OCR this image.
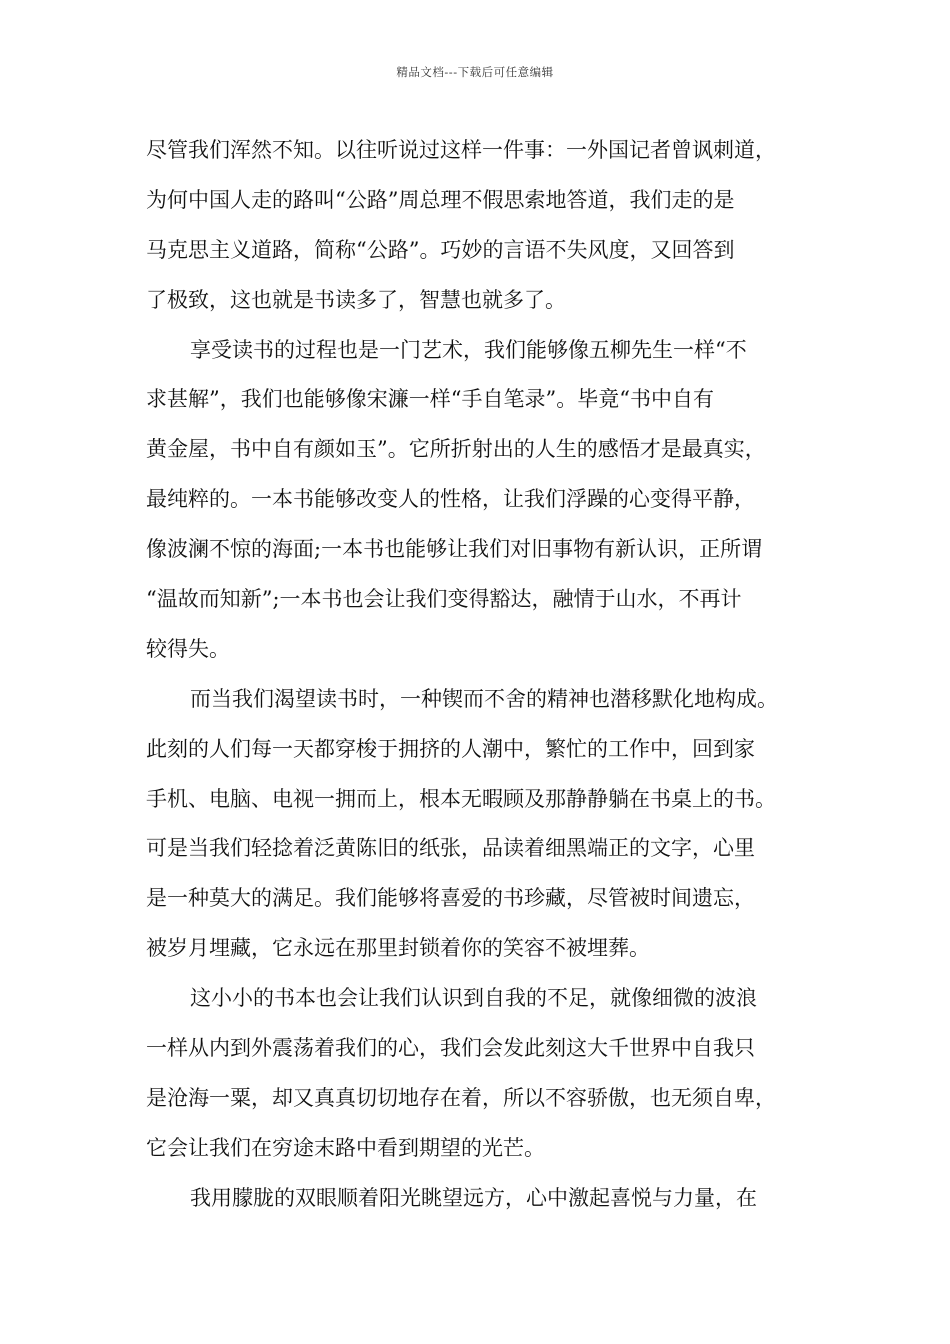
精品文档---下载后可任意编辑
尽管我们浑然不知。以往听说过这样一件事：一外国记者曾讽刺道，
为何中国人走的路叫“公路”周总理不假思索地答道，我们走的是
马克思主义道路，简称“公路”。巧妙的言语不失风度，又回答到
了极致，这也就是书读多了，智慧也就多了。
享受读书的过程也是一门艺术，我们能够像五柳先生一样“不
求甚解”，我们也能够像宋濂一样“手自笔录”。毕竟“书中自有
黄金屋，书中自有颜如玉”。它所折射出的人生的感悟才是最真实，
最纯粹的。一本书能够改变人的性格，让我们浮躁的心变得平静，
像波澜不惊的海面;一本书也能够让我们对旧事物有新认识，正所谓
“温故而知新”;一本书也会让我们变得豁达，融情于山水，不再计
较得失。
而当我们渴望读书时，一种锲而不舍的精神也潜移默化地构成。
此刻的人们每一天都穿梭于拥挤的人潮中，繁忙的工作中，回到家
手机、电脑、电视一拥而上，根本无暇顾及那静静躺在书桌上的书。
可是当我们轻捻着泛黄陈旧的纸张，品读着细黑端正的文字，心里
是一种莫大的满足。我们能够将喜爱的书珍藏，尽管被时间遗忘，
被岁月埋藏，它永远在那里封锁着你的笑容不被埋葬。
这小小的书本也会让我们认识到自我的不足，就像细微的波浪
一样从内到外震荡着我们的心，我们会发此刻这大千世界中自我只
是沧海一粟，却又真真切切地存在着，所以不容骄傲，也无须自卑，
它会让我们在穷途末路中看到期望的光芒。
我用朦胧的双眼顺着阳光眺望远方，心中激起喜悦与力量，在
